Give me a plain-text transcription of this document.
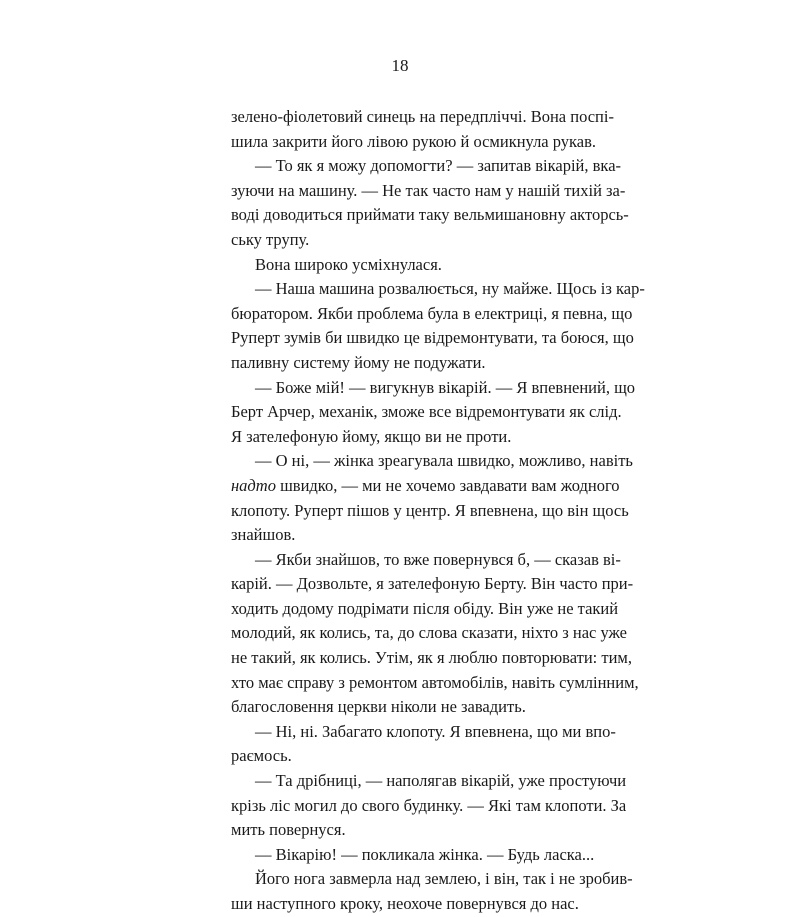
18
зелено-фіолетовий синець на передпліччі. Вона поспі-
шила закрити його лівою рукою й осмикнула рукав.
— То як я можу допомогти? — запитав вікарій, вка-
зуючи на машину. — Не так часто нам у нашій тихій за-
воді доводиться приймати таку вельмишановну акторсь-
ську трупу.
Вона широко усміхнулася.
— Наша машина розвалюється, ну майже. Щось із кар-
бюратором. Якби проблема була в електриці, я певна, що
Руперт зумів би швидко це відремонтувати, та боюся, що
паливну систему йому не подужати.
— Боже мій! — вигукнув вікарій. — Я впевнений, що
Берт Арчер, механік, зможе все відремонтувати як слід.
Я зателефоную йому, якщо ви не проти.
— О ні, — жінка зреагувала швидко, можливо, навіть
надто швидко, — ми не хочемо завдавати вам жодного
клопоту. Руперт пішов у центр. Я впевнена, що він щось
знайшов.
— Якби знайшов, то вже повернувся б, — сказав ві-
карій. — Дозвольте, я зателефоную Берту. Він часто при-
ходить додому подрімати після обіду. Він уже не такий
молодий, як колись, та, до слова сказати, ніхто з нас уже
не такий, як колись. Утім, як я люблю повторювати: тим,
хто має справу з ремонтом автомобілів, навіть сумлінним,
благословення церкви ніколи не завадить.
— Ні, ні. Забагато клопоту. Я впевнена, що ми впо-
раємось.
— Та дрібниці, — наполягав вікарій, уже простуючи
крізь ліс могил до свого будинку. — Які там клопоти. За
мить повернуся.
— Вікарію! — покликала жінка. — Будь ласка...
Його нога завмерла над землею, і він, так і не зробив-
ши наступного кроку, неохоче повернувся до нас.
